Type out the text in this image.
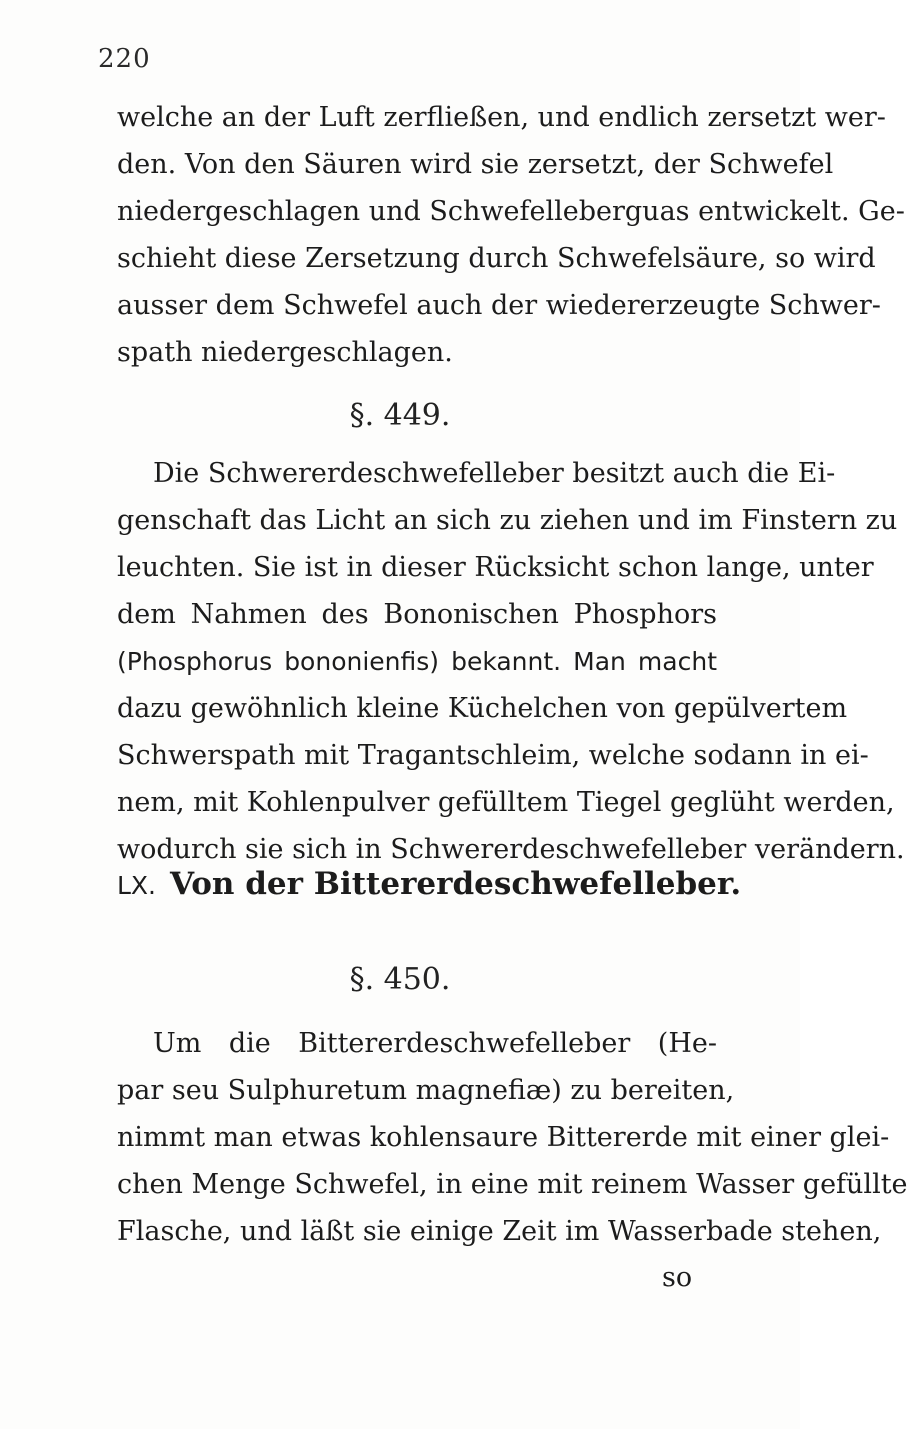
220
welche an der Luft zerfließen, und endlich zersetzt wer-
den. Von den Säuren wird sie zersetzt, der Schwefel
niedergeschlagen und Schwefelleberguas entwickelt. Ge-
schieht diese Zersetzung durch Schwefelsäure, so wird
ausser dem Schwefel auch der wiedererzeugte Schwer-
spath niedergeschlagen.
§. 449.
Die Schwererdeschwefelleber besitzt auch die Ei-
genschaft das Licht an sich zu ziehen und im Finstern zu
leuchten. Sie ist in dieser Rücksicht schon lange, unter
dem Nahmen des Bononischen Phosphors
(Phosphorus bononienfis) bekannt. Man macht
dazu gewöhnlich kleine Küchelchen von gepülvertem
Schwerspath mit Tragantschleim, welche sodann in ei-
nem, mit Kohlenpulver gefülltem Tiegel geglüht werden,
wodurch sie sich in Schwererdeschwefelleber verändern.
LX. Von der Bittererdeschwefelleber.
§. 450.
Um die Bittererdeschwefelleber (He-
par seu Sulphuretum magnefiæ) zu bereiten,
nimmt man etwas kohlensaure Bittererde mit einer glei-
chen Menge Schwefel, in eine mit reinem Wasser gefüllte
Flasche, und läßt sie einige Zeit im Wasserbade stehen,
so
